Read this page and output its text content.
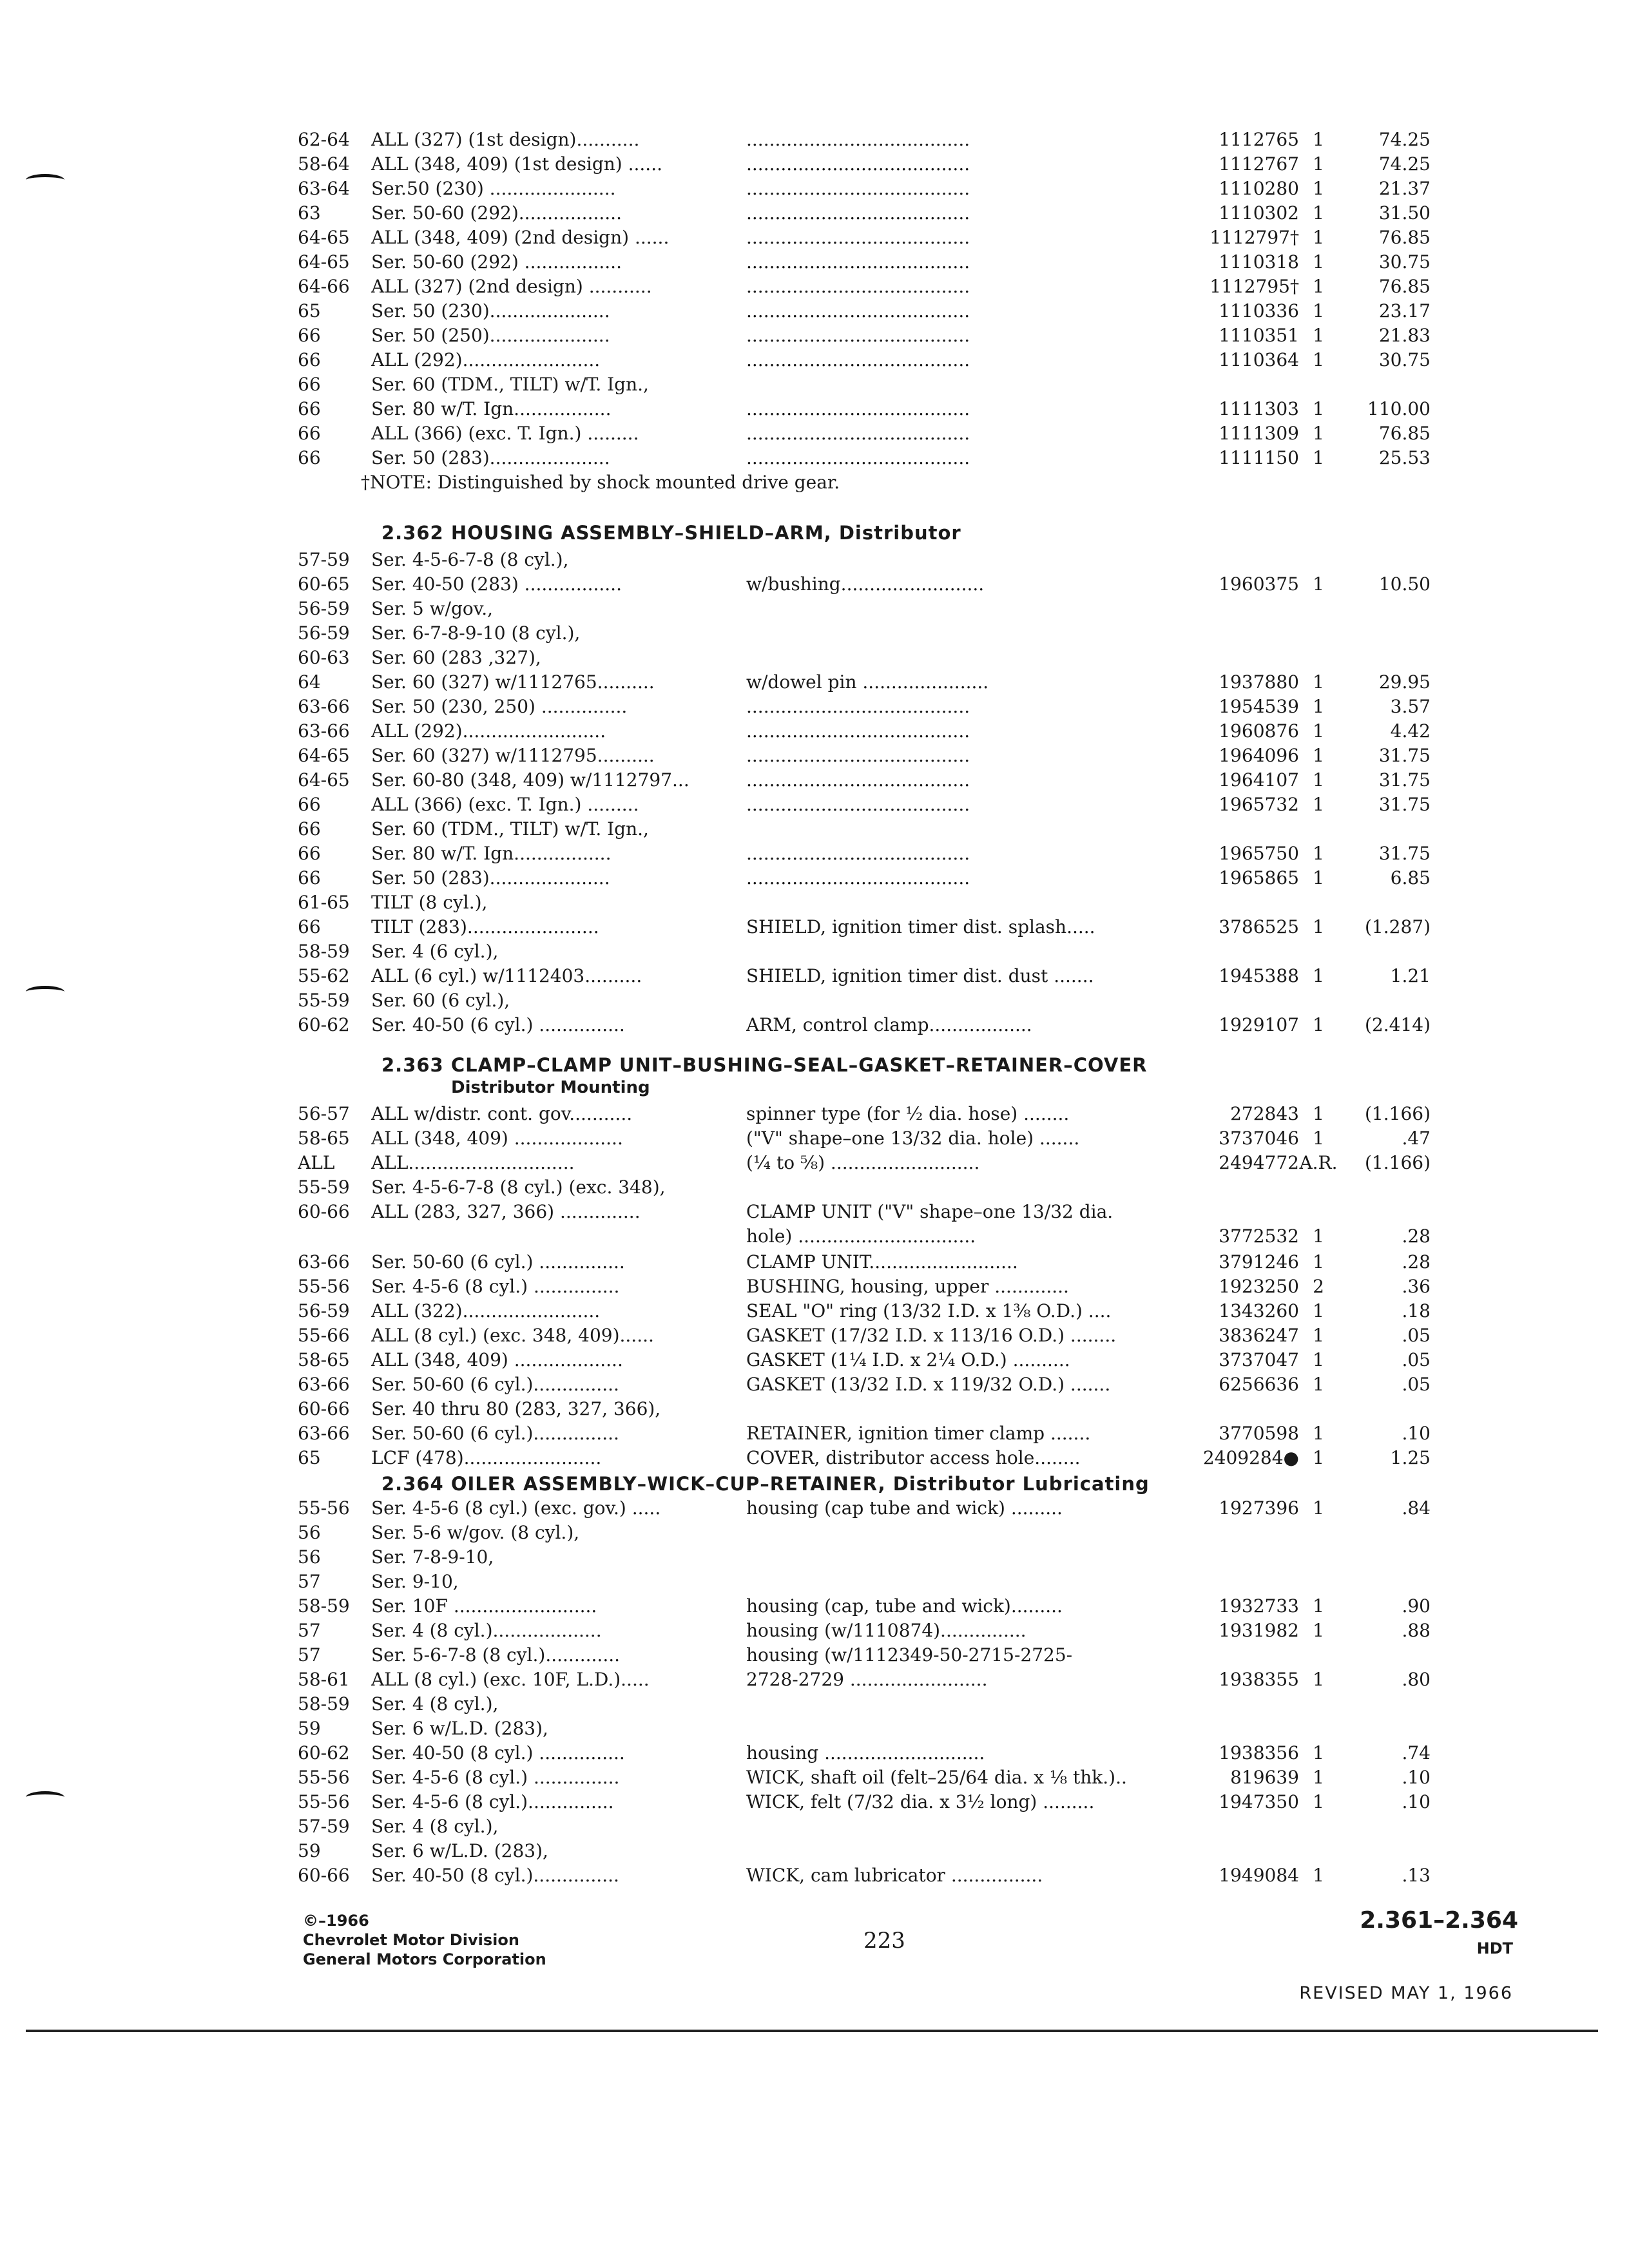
62-64	ALL (327) (1st design)...........	.......................................	1112765 1	74.25
58-64	ALL (348, 409) (1st design) ......	.......................................	1112767 1	74.25
63-64	Ser.50 (230) ......................	.......................................	1110280 1	21.37
63	Ser. 50-60 (292)..................	.......................................	1110302 1	31.50
64-65	ALL (348, 409) (2nd design) ......	.......................................	1112797† 1	76.85
64-65	Ser. 50-60 (292) .................	.......................................	1110318 1	30.75
64-66	ALL (327) (2nd design) ...........	.......................................	1112795† 1	76.85
65	Ser. 50 (230).....................	.......................................	1110336 1	23.17
66	Ser. 50 (250).....................	.......................................	1110351 1	21.83
66	ALL (292)........................	.......................................	1110364 1	30.75
66	Ser. 60 (TDM., TILT) w/T. Ign.,
66	Ser. 80 w/T. Ign.................	.......................................	1111303 1	110.00
66	ALL (366) (exc. T. Ign.) .........	.......................................	1111309 1	76.85
66	Ser. 50 (283).....................	.......................................	1111150 1	25.53
57-59	Ser. 4-5-6-7-8 (8 cyl.),
60-65	Ser. 40-50 (283) .................	w/bushing.........................	1960375 1	10.50
56-59	Ser. 5 w/gov.,
56-59	Ser. 6-7-8-9-10 (8 cyl.),
60-63	Ser. 60 (283 ,327),
64	Ser. 60 (327) w/1112765..........	w/dowel pin ......................	1937880 1	29.95
63-66	Ser. 50 (230, 250) ...............	.......................................	1954539 1	3.57
63-66	ALL (292).........................	.......................................	1960876 1	4.42
64-65	Ser. 60 (327) w/1112795..........	.......................................	1964096 1	31.75
64-65	Ser. 60-80 (348, 409) w/1112797...	.......................................	1964107 1	31.75
66	ALL (366) (exc. T. Ign.) .........	.......................................	1965732 1	31.75
66	Ser. 60 (TDM., TILT) w/T. Ign.,
66	Ser. 80 w/T. Ign.................	.......................................	1965750 1	31.75
66	Ser. 50 (283).....................	.......................................	1965865 1	6.85
61-65	TILT (8 cyl.),
66	TILT (283).......................	SHIELD, ignition timer dist. splash.....	3786525 1	(1.287)
58-59	Ser. 4 (6 cyl.),
55-62	ALL (6 cyl.) w/1112403..........	SHIELD, ignition timer dist. dust .......	1945388 1	1.21
55-59	Ser. 60 (6 cyl.),
60-62	Ser. 40-50 (6 cyl.) ...............	ARM, control clamp..................	1929107 1	(2.414)
56-57	ALL w/distr. cont. gov...........	spinner type (for ½ dia. hose) ........	272843 1	(1.166)
58-65	ALL (348, 409) ...................	("V" shape–one 13/32 dia. hole) .......	3737046 1	.47
ALL	ALL.............................	(¼ to ⅝) ..........................	2494772 A.R.	(1.166)
55-59	Ser. 4-5-6-7-8 (8 cyl.) (exc. 348),
60-66	ALL (283, 327, 366) ..............	CLAMP UNIT ("V" shape–one 13/32 dia.
hole) ...............................	3772532 1	.28
63-66	Ser. 50-60 (6 cyl.) ...............	CLAMP UNIT..........................	3791246 1	.28
55-56	Ser. 4-5-6 (8 cyl.) ...............	BUSHING, housing, upper .............	1923250 2	.36
56-59	ALL (322)........................	SEAL "O" ring (13/32 I.D. x 1⅜ O.D.) ....	1343260 1	.18
55-66	ALL (8 cyl.) (exc. 348, 409)......	GASKET (17/32 I.D. x 113/16 O.D.) ........	3836247 1	.05
58-65	ALL (348, 409) ...................	GASKET (1¼ I.D. x 2¼ O.D.) ..........	3737047 1	.05
63-66	Ser. 50-60 (6 cyl.)...............	GASKET (13/32 I.D. x 119/32 O.D.) .......	6256636 1	.05
60-66	Ser. 40 thru 80 (283, 327, 366),
63-66	Ser. 50-60 (6 cyl.)...............	RETAINER, ignition timer clamp .......	3770598 1	.10
65	LCF (478)........................	COVER, distributor access hole........	2409284● 1	1.25
55-56	Ser. 4-5-6 (8 cyl.) (exc. gov.) .....	housing (cap tube and wick) .........	1927396 1	.84
56	Ser. 5-6 w/gov. (8 cyl.),
56	Ser. 7-8-9-10,
57	Ser. 9-10,
58-59	Ser. 10F .........................	housing (cap, tube and wick).........	1932733 1	.90
57	Ser. 4 (8 cyl.)...................	housing (w/1110874)...............	1931982 1	.88
57	Ser. 5-6-7-8 (8 cyl.).............	housing (w/1112349-50-2715-2725-
58-61	ALL (8 cyl.) (exc. 10F, L.D.).....	2728-2729 ........................	1938355 1	.80
58-59	Ser. 4 (8 cyl.),
59	Ser. 6 w/L.D. (283),
60-62	Ser. 40-50 (8 cyl.) ...............	housing ............................	1938356 1	.74
55-56	Ser. 4-5-6 (8 cyl.) ...............	WICK, shaft oil (felt–25/64 dia. x ⅛ thk.)..	819639 1	.10
55-56	Ser. 4-5-6 (8 cyl.)...............	WICK, felt (7/32 dia. x 3½ long) .........	1947350 1	.10
57-59	Ser. 4 (8 cyl.),
59	Ser. 6 w/L.D. (283),
60-66	Ser. 40-50 (8 cyl.)...............	WICK, cam lubricator ................	1949084 1	.13
†NOTE: Distinguished by shock mounted drive gear.
2.362 HOUSING ASSEMBLY–SHIELD–ARM, Distributor
2.363 CLAMP–CLAMP UNIT–BUSHING–SEAL–GASKET–RETAINER–COVER
Distributor Mounting
2.364 OILER ASSEMBLY–WICK–CUP–RETAINER, Distributor Lubricating
©–1966
Chevrolet Motor Division
General Motors Corporation
223
2.361–2.364
HDT
REVISED MAY 1, 1966
